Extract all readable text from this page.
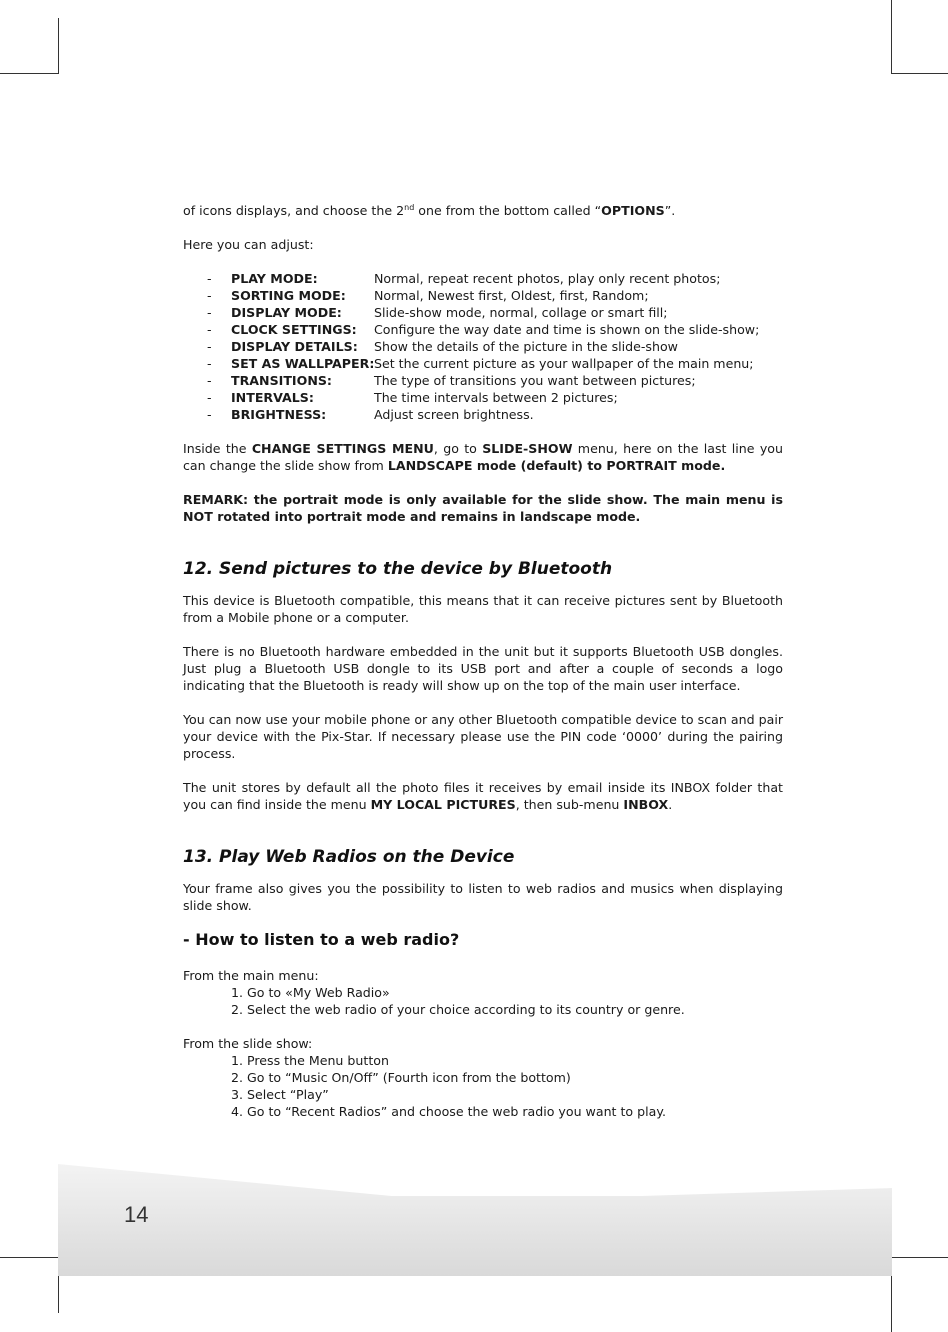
14

of icons displays, and choose the 2nd one from the bottom called “OPTIONS”.

Here you can adjust:

- PLAY MODE:	Normal, repeat recent photos, play only recent photos;
- SORTING MODE: Normal, Newest first, Oldest, first, Random;
- DISPLAY MODE:	Slide-show mode, normal, collage or smart fill;
- CLOCK SETTINGS: Configure the way date and time is shown on the slide-show;
- DISPLAY DETAILS: Show the details of the picture in the slide-show
- SET AS WALLPAPER: Set the current picture as your wallpaper of the main menu;
- TRANSITIONS:	The type of transitions you want between pictures;
- INTERVALS:	The time intervals between 2 pictures;
- BRIGHTNESS:	Adjust screen brightness.

Inside the CHANGE SETTINGS MENU, go to SLIDE-SHOW menu, here on the last line you can change the slide show from LANDSCAPE mode (default) to PORTRAIT mode.

REMARK: the portrait mode is only available for the slide show. The main menu is NOT rotated into portrait mode and remains in landscape mode.

12. Send pictures to the device by Bluetooth

This device is Bluetooth compatible, this means that it can receive pictures sent by Bluetooth from a Mobile phone or a computer.

There is no Bluetooth hardware embedded in the unit but it supports Bluetooth USB dongles. Just plug a Bluetooth USB dongle to its USB port and after a couple of seconds a logo indicating that the Bluetooth is ready will show up on the top of the main user interface.

You can now use your mobile phone or any other Bluetooth compatible device to scan and pair your device with the Pix-Star. If necessary please use the PIN code ‘0000’ during the pairing process.

The unit stores by default all the photo files it receives by email inside its INBOX folder that you can find inside the menu MY LOCAL PICTURES, then sub-menu INBOX.

13. Play Web Radios on the Device

Your frame also gives you the possibility to listen to web radios and musics when displaying slide show.

- How to listen to a web radio?

From the main menu:

1. Go to «My Web Radio»
2. Select the web radio of your choice according to its country or genre.

From the slide show:

1. Press the Menu button
2. Go to “Music On/Off” (Fourth icon from the bottom)
3. Select “Play”
4. Go to “Recent Radios” and choose the web radio you want to play.
